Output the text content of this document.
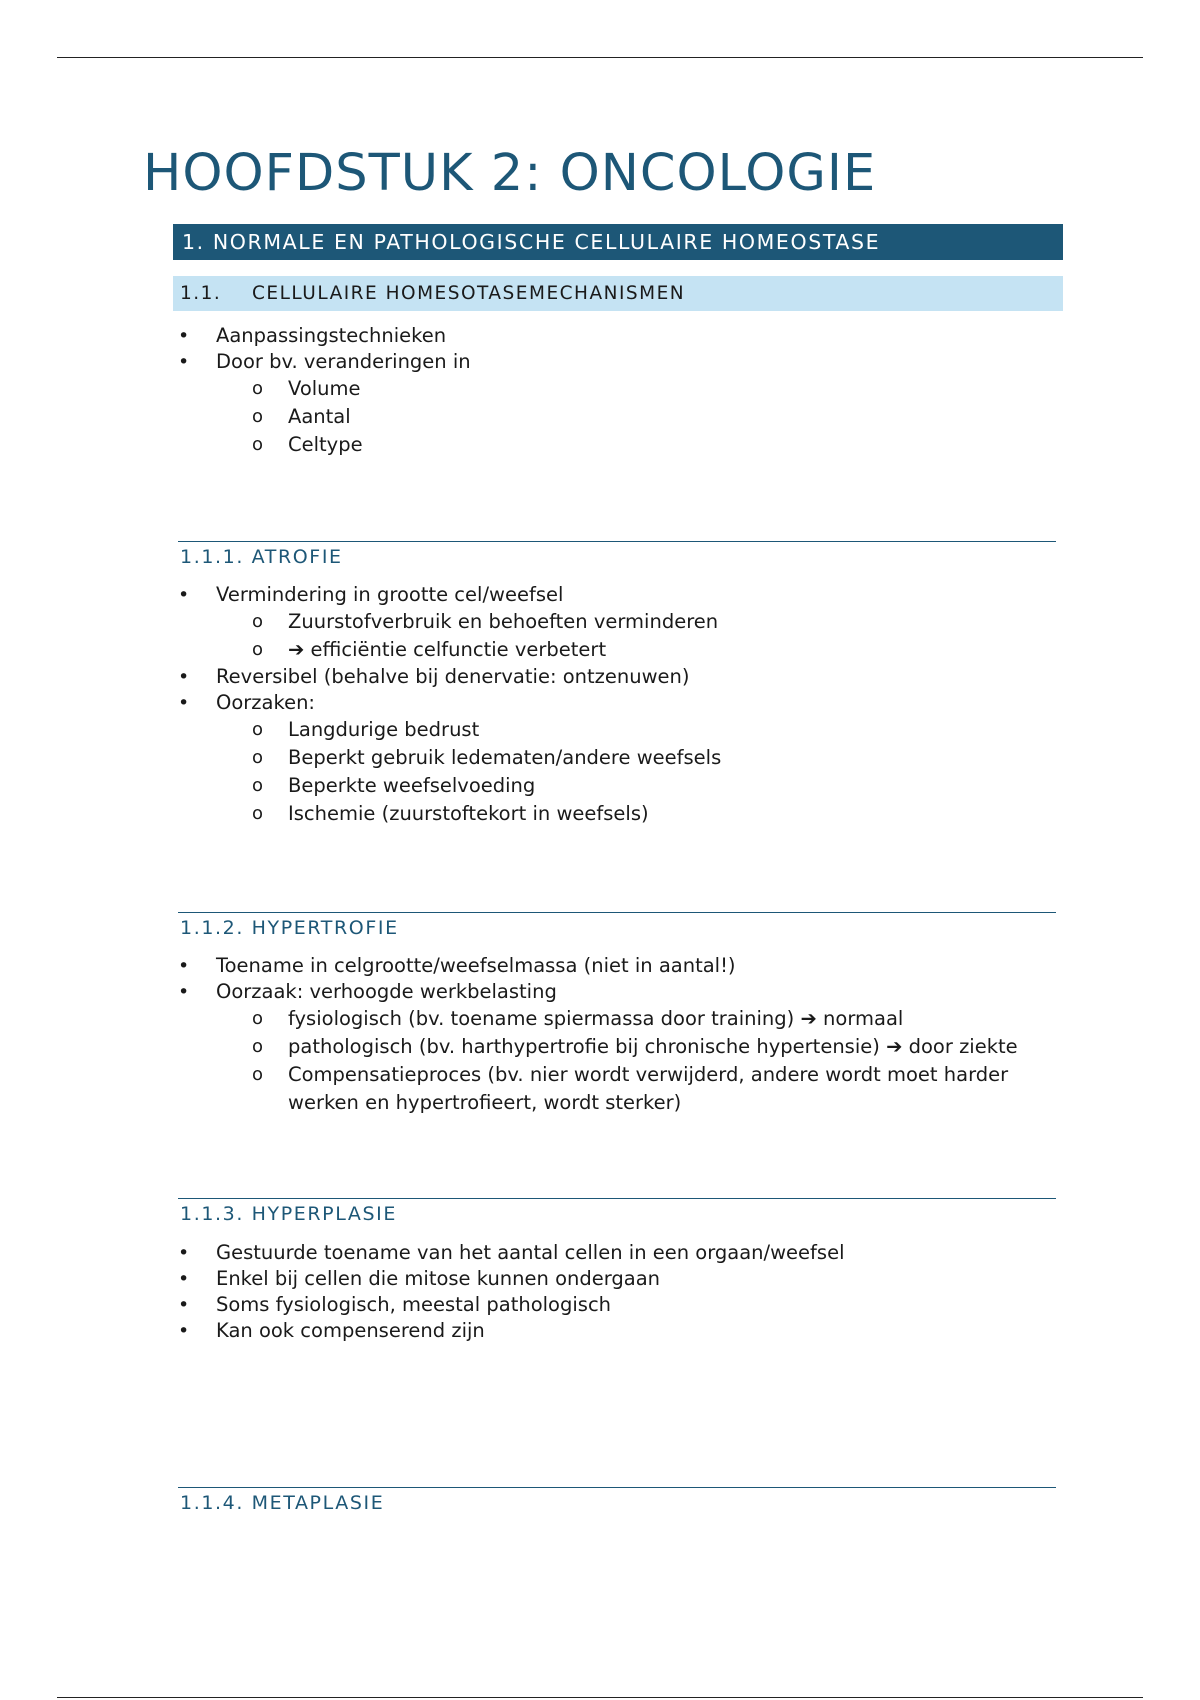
HOOFDSTUK 2: ONCOLOGIE
1. NORMALE EN PATHOLOGISCHE CELLULAIRE HOMEOSTASE
1.1. CELLULAIRE HOMESOTASEMECHANISMEN
• Aanpassingstechnieken
• Door bv. veranderingen in
o Volume
o Aantal
o Celtype
1.1.1. ATROFIE
• Vermindering in grootte cel/weefsel
o Zuurstofverbruik en behoeften verminderen
o ➔ efficiëntie celfunctie verbetert
• Reversibel (behalve bij denervatie: ontzenuwen)
• Oorzaken:
o Langdurige bedrust
o Beperkt gebruik ledematen/andere weefsels
o Beperkte weefselvoeding
o Ischemie (zuurstoftekort in weefsels)
1.1.2. HYPERTROFIE
• Toename in celgrootte/weefselmassa (niet in aantal!)
• Oorzaak: verhoogde werkbelasting
o fysiologisch (bv. toename spiermassa door training) ➔ normaal
o pathologisch (bv. harthypertrofie bij chronische hypertensie) ➔ door ziekte
o Compensatieproces (bv. nier wordt verwijderd, andere wordt moet harder werken en hypertrofieert, wordt sterker)
1.1.3. HYPERPLASIE
• Gestuurde toename van het aantal cellen in een orgaan/weefsel
• Enkel bij cellen die mitose kunnen ondergaan
• Soms fysiologisch, meestal pathologisch
• Kan ook compenserend zijn
1.1.4. METAPLASIE
